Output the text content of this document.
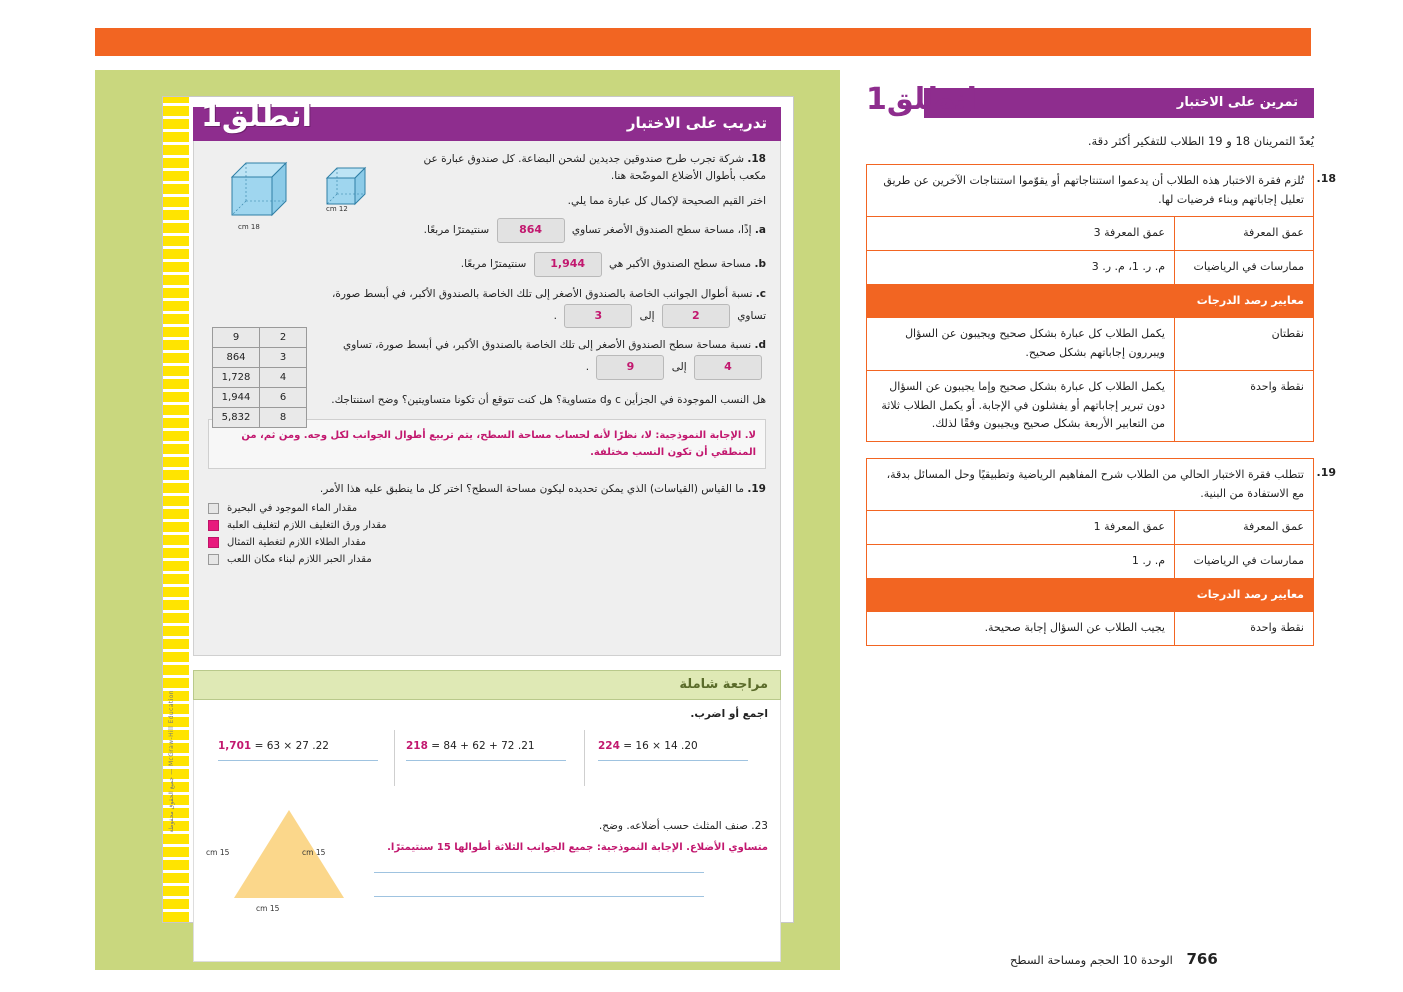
انطلق1	تدريب على الاختبار
18 cm
12 cm
18. شركة تجرب طرح صندوقين جديدين لشحن البضاعة. كل صندوق عبارة عن مكعب بأطوال الأضلاع الموضّحة هنا.
اختر القيم الصحيحة لإكمال كل عبارة مما يلي.
2	9
3	864
4	1,728
6	1,944
8	5,832
a. إذًا، مساحة سطح الصندوق الأصغر تساوي 864 سنتيمترًا مربعًا.
b. مساحة سطح الصندوق الأكبر هي 1,944 سنتيمترًا مربعًا.
c. نسبة أطوال الجوانب الخاصة بالصندوق الأصغر إلى تلك الخاصة بالصندوق الأكبر، في أبسط صورة، تساوي 2 إلى 3 .
d. نسبة مساحة سطح الصندوق الأصغر إلى تلك الخاصة بالصندوق الأكبر، في أبسط صورة، تساوي 4 إلى 9 .
هل النسب الموجودة في الجزأين c وd متساوية؟ هل كنت تتوقع أن تكونا متساويتين؟ وضح استنتاجك.
لا. الإجابة النموذجية: لا، نظرًا لأنه لحساب مساحة السطح، يتم تربيع أطوال الجوانب لكل وجه. ومن ثم، من المنطقي أن تكون النسب مختلفة.
19. ما القياس (القياسات) الذي يمكن تحديده ليكون مساحة السطح؟ اختر كل ما ينطبق عليه هذا الأمر.
مقدار الماء الموجود في البحيرة
مقدار ورق التغليف اللازم لتغليف العلبة
مقدار الطلاء اللازم لتغطية التمثال
مقدار الحبر اللازم لبناء مكان اللعب
مراجعة شاملة
اجمع أو اضرب.
22. 27 × 63 = 1,701	21. 72 + 62 + 84 = 218	20. 14 × 16 = 224
15 cm	15 cm
15 cm
23. صنف المثلث حسب أضلاعه. وضح.
متساوي الأضلاع. الإجابة النموذجية: جميع الجوانب الثلاثة أطوالها 15 سنتيمترًا.
McGraw-Hill Education — جميع الحقوق محفوظة
تمرين على الاختبار
انطلق1
يُعدّ التمرينان 18 و 19 الطلاب للتفكير أكثر دقة.
18.
تُلزم فقرة الاختبار هذه الطلاب أن يدعموا استنتاجاتهم أو يقوّموا استنتاجات الآخرين عن طريق تعليل إجاباتهم وبناء فرضيات لها.	
عمق المعرفة	عمق المعرفة 3
ممارسات في الرياضيات	م. ر. 1، م. ر. 3
معايير رصد الدرجات	
نقطتان	يكمل الطلاب كل عبارة بشكل صحيح ويجيبون عن السؤال ويبررون إجاباتهم بشكل صحيح.
نقطة واحدة	يكمل الطلاب كل عبارة بشكل صحيح وإما يجيبون عن السؤال دون تبرير إجاباتهم أو يفشلون في الإجابة. أو يكمل الطلاب ثلاثة من التعابير الأربعة بشكل صحيح ويجيبون وفقًا لذلك.
19.
تتطلب فقرة الاختبار الحالي من الطلاب شرح المفاهيم الرياضية وتطبيقيًا وحل المسائل بدقة، مع الاستفادة من البنية.	
عمق المعرفة	عمق المعرفة 1
ممارسات في الرياضيات	م. ر. 1
معايير رصد الدرجات	
نقطة واحدة	يجيب الطلاب عن السؤال إجابة صحيحة.
766 الوحدة 10 الحجم ومساحة السطح
